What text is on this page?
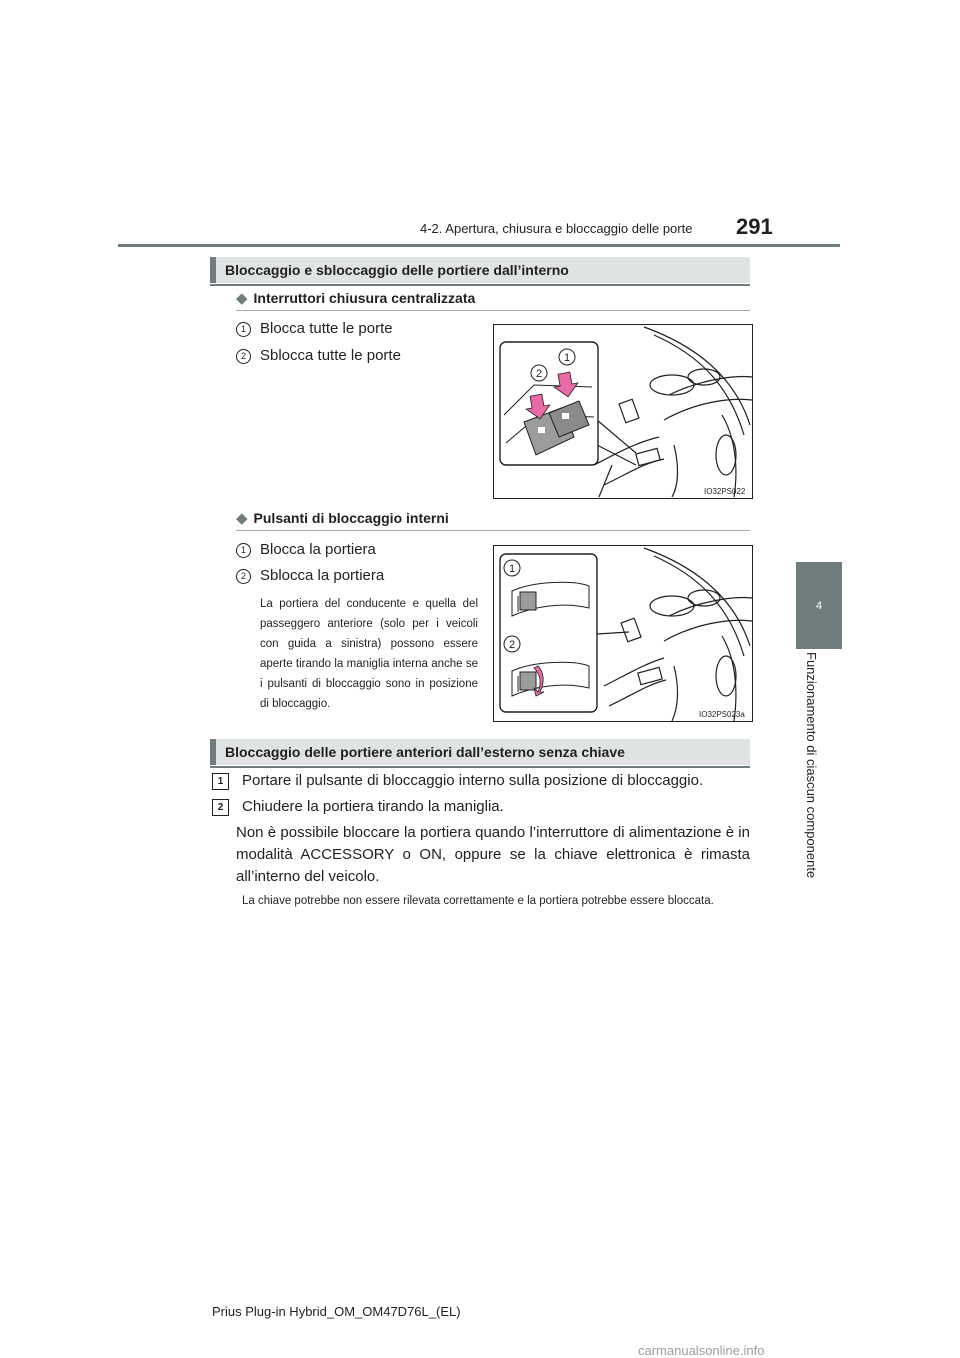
4-2. Apertura, chiusura e bloccaggio delle porte	291
4
Funzionamento di ciascun componente
Bloccaggio e sbloccaggio delle portiere dall’interno
◆ Interruttori chiusura centralizzata
1 Blocca tutte le porte
2 Sblocca tutte le porte
2
1
IO32PS022
◆ Pulsanti di bloccaggio interni
1 Blocca la portiera
2 Sblocca la portiera
La portiera del conducente e quella del passeggero anteriore (solo per i veicoli con guida a sinistra) possono essere aperte tirando la maniglia interna anche se i pulsanti di bloccaggio sono in posizione di bloccaggio.
1
2
IO32PS023a
Bloccaggio delle portiere anteriori dall’esterno senza chiave
1	Portare il pulsante di bloccaggio interno sulla posizione di bloccaggio.
2	Chiudere la portiera tirando la maniglia.
Non è possibile bloccare la portiera quando l’interruttore di alimentazione è in modalità ACCESSORY o ON, oppure se la chiave elettronica è rimasta all’interno del veicolo.
La chiave potrebbe non essere rilevata correttamente e la portiera potrebbe essere bloccata.
Prius Plug-in Hybrid_OM_OM47D76L_(EL)
carmanualsonline.info
